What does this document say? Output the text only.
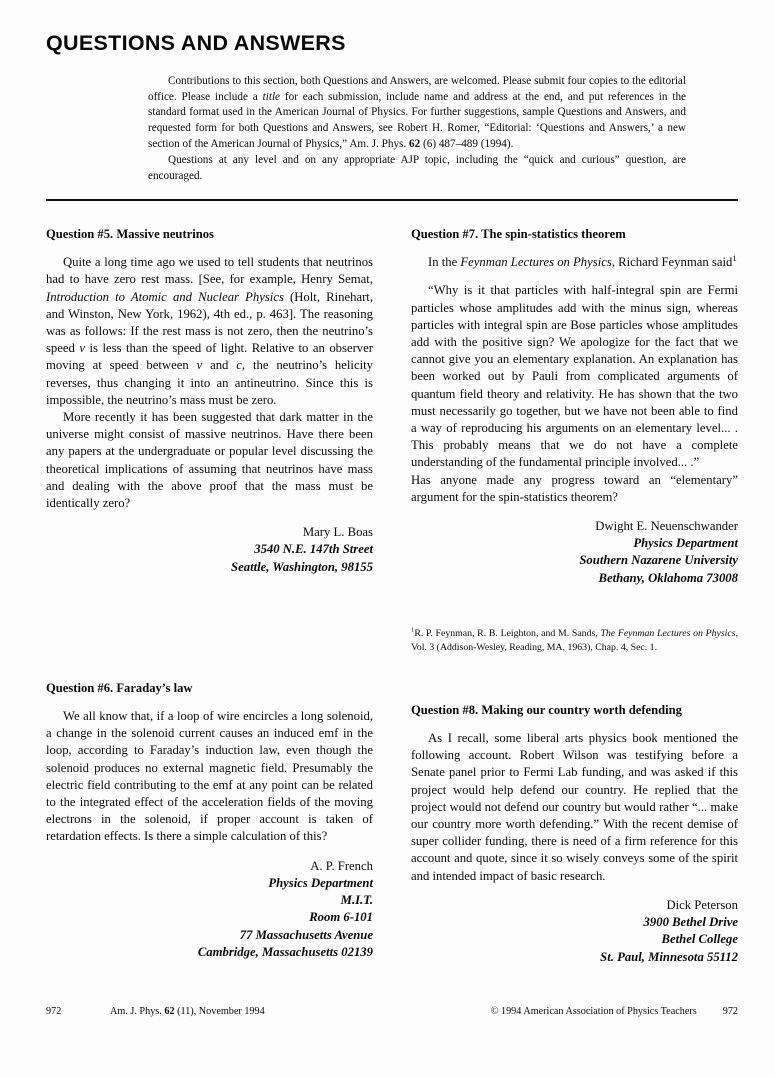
QUESTIONS AND ANSWERS

Contributions to this section, both Questions and Answers, are welcomed. Please submit four copies to the editorial office. Please include a title for each submission, include name and address at the end, and put references in the standard format used in the American Journal of Physics. For further suggestions, sample Questions and Answers, and requested form for both Questions and Answers, see Robert H. Romer, “Editorial: ‘Questions and Answers,’ a new section of the American Journal of Physics,” Am. J. Phys. 62 (6) 487–489 (1994).

Questions at any level and on any appropriate AJP topic, including the “quick and curious” question, are encouraged.

Question #5. Massive neutrinos

Quite a long time ago we used to tell students that neutrinos had to have zero rest mass. [See, for example, Henry Semat, Introduction to Atomic and Nuclear Physics (Holt, Rinehart, and Winston, New York, 1962), 4th ed., p. 463]. The reasoning was as follows: If the rest mass is not zero, then the neutrino’s speed v is less than the speed of light. Relative to an observer moving at speed between v and c, the neutrino’s helicity reverses, thus changing it into an antineutrino. Since this is impossible, the neutrino’s mass must be zero.

More recently it has been suggested that dark matter in the universe might consist of massive neutrinos. Have there been any papers at the undergraduate or popular level discussing the theoretical implications of assuming that neutrinos have mass and dealing with the above proof that the mass must be identically zero?

Mary L. Boas
3540 N.E. 147th Street
Seattle, Washington, 98155
Question #7. The spin-statistics theorem

In the Feynman Lectures on Physics, Richard Feynman said$^1$

“Why is it that particles with half-integral spin are Fermi particles whose amplitudes add with the minus sign, whereas particles with integral spin are Bose particles whose amplitudes add with the positive sign? We apologize for the fact that we cannot give you an elementary explanation. An explanation has been worked out by Pauli from complicated arguments of quantum field theory and relativity. He has shown that the two must necessarily go together, but we have not been able to find a way of reproducing his arguments on an elementary level... . This probably means that we do not have a complete understanding of the fundamental principle involved... .”

Has anyone made any progress toward an “elementary” argument for the spin-statistics theorem?

Dwight E. Neuenschwander
Physics Department
Southern Nazarene University
Bethany, Oklahoma 73008
$^1$R. P. Feynman, R. B. Leighton, and M. Sands, The Feynman Lectures on Physics, Vol. 3 (Addison-Wesley, Reading, MA, 1963), Chap. 4, Sec. 1.
Question #6. Faraday’s law

We all know that, if a loop of wire encircles a long solenoid, a change in the solenoid current causes an induced emf in the loop, according to Faraday’s induction law, even though the solenoid produces no external magnetic field. Presumably the electric field contributing to the emf at any point can be related to the integrated effect of the acceleration fields of the moving electrons in the solenoid, if proper account is taken of retardation effects. Is there a simple calculation of this?

A. P. French
Physics Department
M.I.T.
Room 6-101
77 Massachusetts Avenue
Cambridge, Massachusetts 02139
Question #8. Making our country worth defending

As I recall, some liberal arts physics book mentioned the following account. Robert Wilson was testifying before a Senate panel prior to Fermi Lab funding, and was asked if this project would help defend our country. He replied that the project would not defend our country but would rather “... make our country more worth defending.” With the recent demise of super collider funding, there is need of a firm reference for this account and quote, since it so wisely conveys some of the spirit and intended impact of basic research.

Dick Peterson
3900 Bethel Drive
Bethel College
St. Paul, Minnesota 55112
972	Am. J. Phys. 62 (11), November 1994	© 1994 American Association of Physics Teachers	972
